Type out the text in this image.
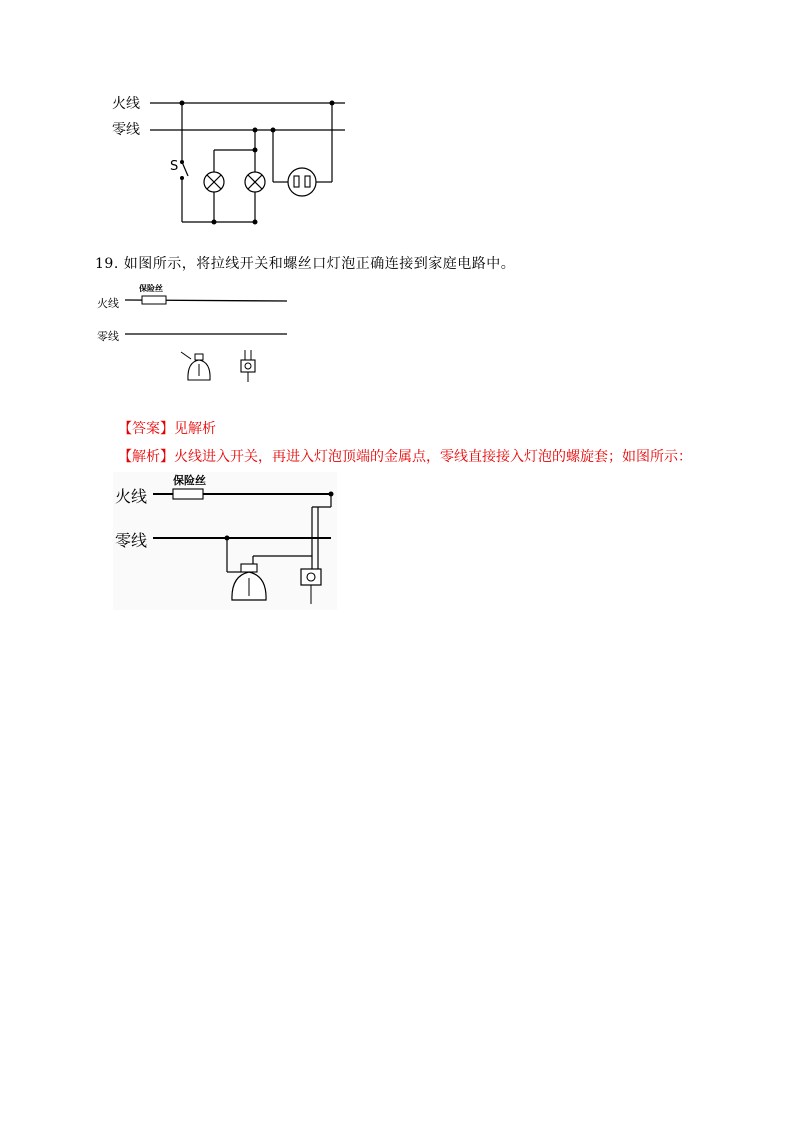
火线
零线
S
19. 如图所示，将拉线开关和螺丝口灯泡正确连接到家庭电路中。
保险丝
火线
零线
【答案】见解析
【解析】火线进入开关，再进入灯泡顶端的金属点，零线直接接入灯泡的螺旋套；如图所示：
保险丝
火线
零线
